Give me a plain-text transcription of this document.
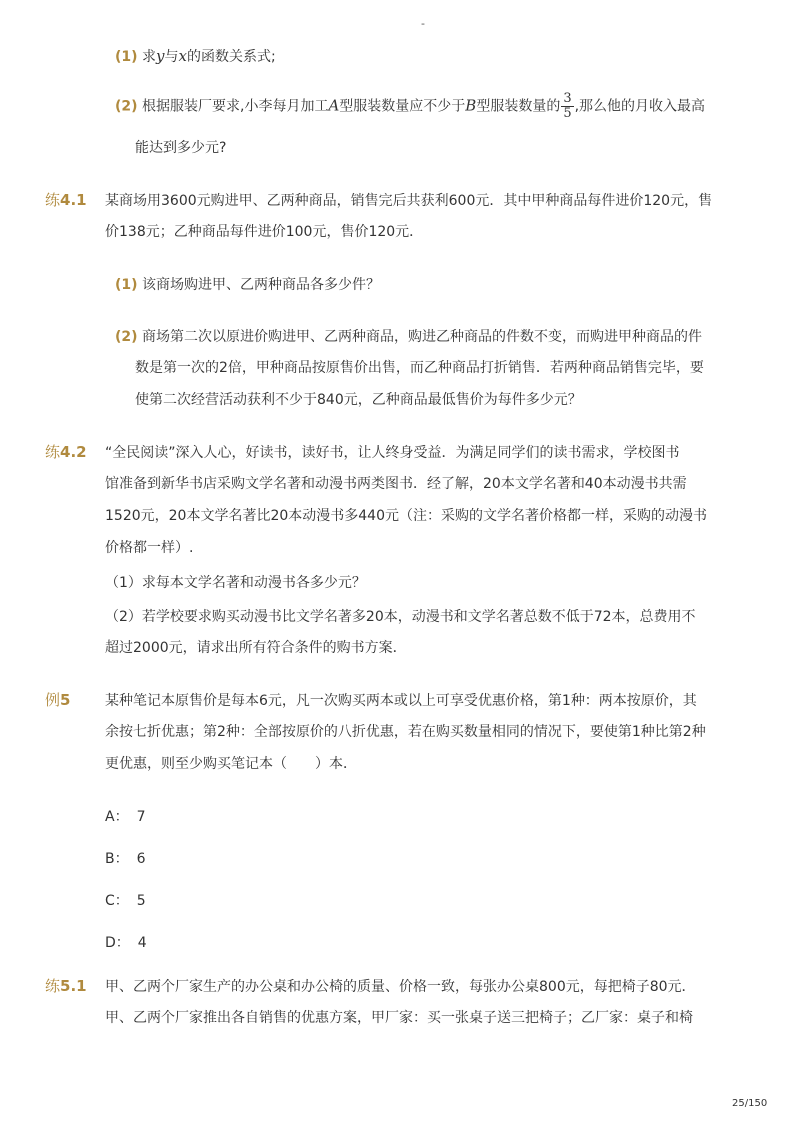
-
(1) 求y与x的函数关系式;
(2) 根据服装厂要求,小李每月加工A型服装数量应不少于B型服装数量的 $\frac{3}{5}$ ,那么他的月收入最高
能达到多少元?
练4.1 某商场用3600元购进甲、乙两种商品，销售完后共获利600元．其中甲种商品每件进价120元，售
价138元；乙种商品每件进价100元，售价120元．
(1) 该商场购进甲、乙两种商品各多少件？
(2) 商场第二次以原进价购进甲、乙两种商品，购进乙种商品的件数不变，而购进甲种商品的件
数是第一次的2倍，甲种商品按原售价出售，而乙种商品打折销售．若两种商品销售完毕，要
使第二次经营活动获利不少于840元，乙种商品最低售价为每件多少元？
练4.2 “全民阅读”深入人心，好读书，读好书，让人终身受益．为满足同学们的读书需求，学校图书
馆准备到新华书店采购文学名著和动漫书两类图书．经了解，20本文学名著和40本动漫书共需
1520元，20本文学名著比20本动漫书多440元（注：采购的文学名著价格都一样，采购的动漫书
价格都一样）.
（1）求每本文学名著和动漫书各多少元？
（2）若学校要求购买动漫书比文学名著多20本，动漫书和文学名著总数不低于72本，总费用不
超过2000元，请求出所有符合条件的购书方案．
例5 某种笔记本原售价是每本6元，凡一次购买两本或以上可享受优惠价格，第1种：两本按原价，其
余按七折优惠；第2种：全部按原价的八折优惠，若在购买数量相同的情况下，要使第1种比第2种
更优惠，则至少购买笔记本（　　）本．
A： 7
B： 6
C： 5
D： 4
练5.1 甲、乙两个厂家生产的办公桌和办公椅的质量、价格一致，每张办公桌800元，每把椅子80元．
甲、乙两个厂家推出各自销售的优惠方案，甲厂家：买一张桌子送三把椅子；乙厂家：桌子和椅
25/150
